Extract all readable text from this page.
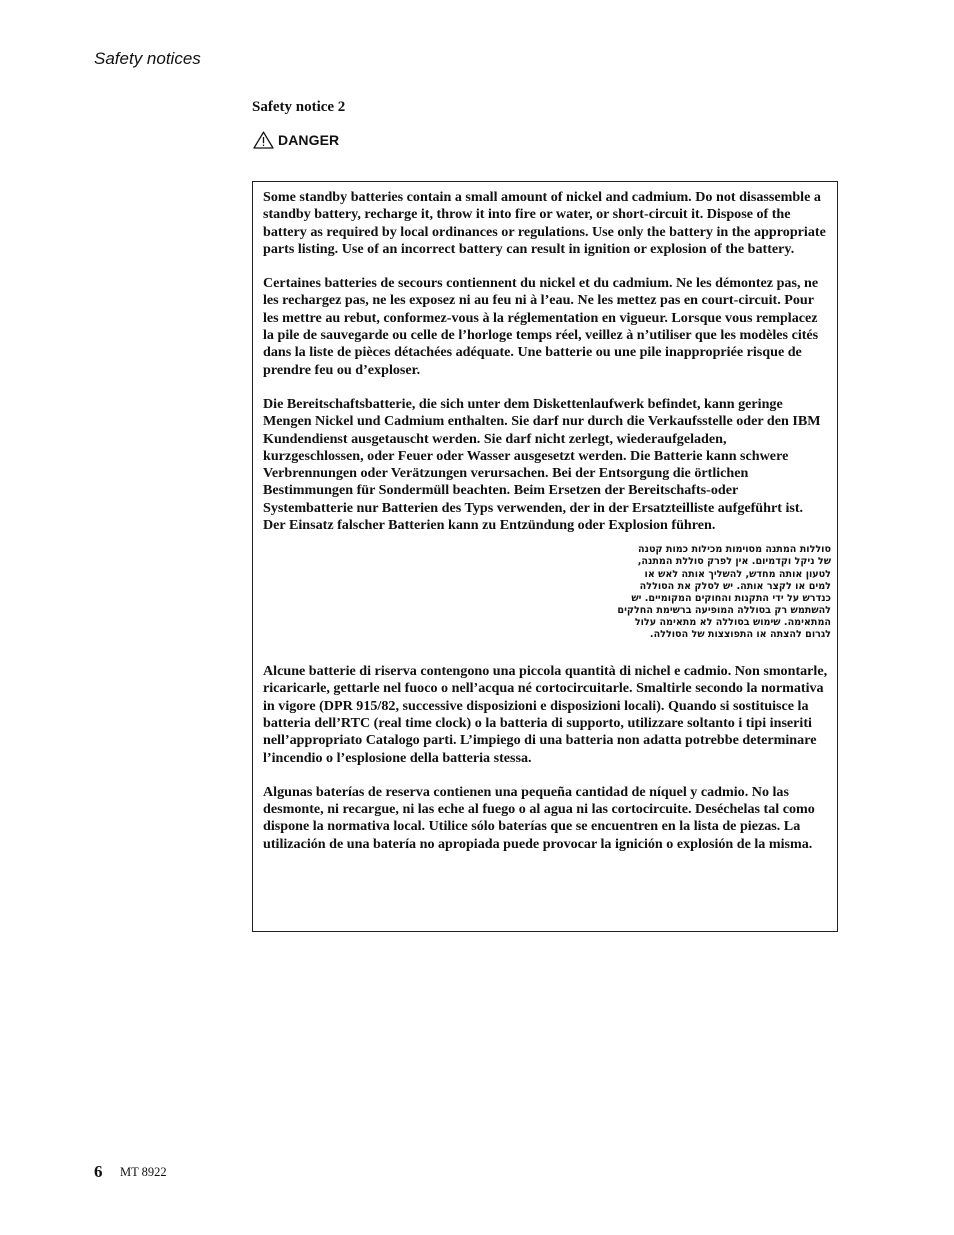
Safety notices

Safety notice 2
DANGER

Some standby batteries contain a small amount of nickel and cadmium. Do not disassemble a standby battery, recharge it, throw it into fire or water, or short-circuit it. Dispose of the battery as required by local ordinances or regulations. Use only the battery in the appropriate parts listing. Use of an incorrect battery can result in ignition or explosion of the battery.

Certaines batteries de secours contiennent du nickel et du cadmium. Ne les démontez pas, ne les rechargez pas, ne les exposez ni au feu ni à l’eau. Ne les mettez pas en court-circuit. Pour les mettre au rebut, conformez-vous à la réglementation en vigueur. Lorsque vous remplacez la pile de sauvegarde ou celle de l’horloge temps réel, veillez à n’utiliser que les modèles cités dans la liste de pièces détachées adéquate. Une batterie ou une pile inappropriée risque de prendre feu ou d’exploser.

Die Bereitschaftsbatterie, die sich unter dem Diskettenlaufwerk befindet, kann geringe Mengen Nickel und Cadmium enthalten. Sie darf nur durch die Verkaufsstelle oder den IBM Kundendienst ausgetauscht werden. Sie darf nicht zerlegt, wiederaufgeladen, kurzgeschlossen, oder Feuer oder Wasser ausgesetzt werden. Die Batterie kann schwere Verbrennungen oder Verätzungen verursachen. Bei der Entsorgung die örtlichen Bestimmungen für Sondermüll beachten. Beim Ersetzen der Bereitschafts-oder Systembatterie nur Batterien des Typs verwenden, der in der Ersatzteilliste aufgeführt ist. Der Einsatz falscher Batterien kann zu Entzündung oder Explosion führen.

סוללות המתנה מסוימות מכילות כמות קטנה
של ניקל וקדמיום. אין לפרק סוללת המתנה,
לטעון אותה מחדש, להשליך אותה לאש או
למים או לקצר אותה. יש לסלק את הסוללה
כנדרש על ידי התקנות והחוקים המקומיים. יש
להשתמש רק בסוללה המופיעה ברשימת החלקים
המתאימה. שימוש בסוללה לא מתאימה עלול
לגרום להצתה או התפוצצות של הסוללה.

Alcune batterie di riserva contengono una piccola quantità di nichel e cadmio. Non smontarle, ricaricarle, gettarle nel fuoco o nell’acqua né cortocircuitarle. Smaltirle secondo la normativa in vigore (DPR 915/82, successive disposizioni e disposizioni locali). Quando si sostituisce la batteria dell’RTC (real time clock) o la batteria di supporto, utilizzare soltanto i tipi inseriti nell’appropriato Catalogo parti. L’impiego di una batteria non adatta potrebbe determinare l’incendio o l’esplosione della batteria stessa.

Algunas baterías de reserva contienen una pequeña cantidad de níquel y cadmio. No las desmonte, ni recargue, ni las eche al fuego o al agua ni las cortocircuite. Deséchelas tal como dispone la normativa local. Utilice sólo baterías que se encuentren en la lista de piezas. La utilización de una batería no apropiada puede provocar la ignición o explosión de la misma.

6 MT 8922
